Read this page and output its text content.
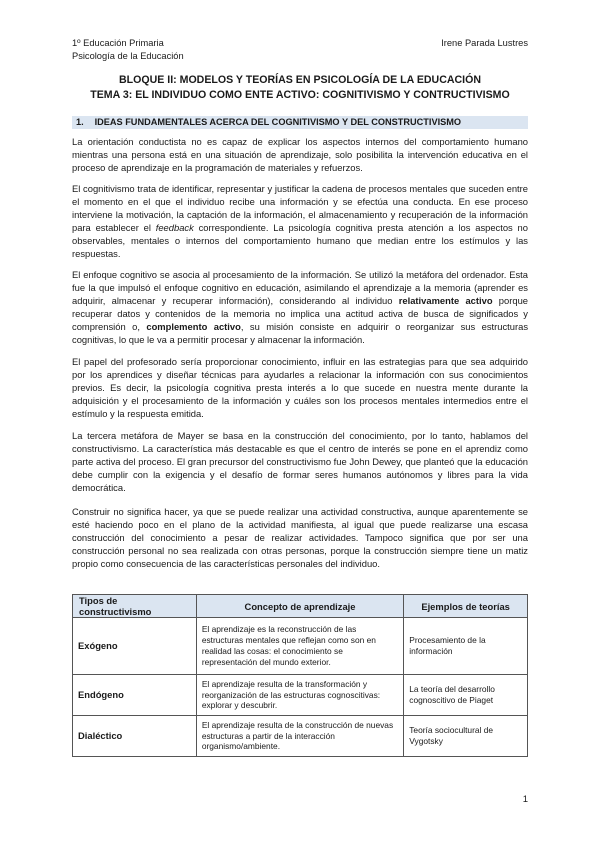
1º Educación Primaria
Psicología de la Educación
Irene Parada Lustres
BLOQUE II: MODELOS Y TEORÍAS EN PSICOLOGÍA DE LA EDUCACIÓN
TEMA 3: EL INDIVIDUO COMO ENTE ACTIVO: COGNITIVISMO Y CONTRUCTIVISMO
1. IDEAS FUNDAMENTALES ACERCA DEL COGNITIVISMO Y DEL CONSTRUCTIVISMO

La orientación conductista no es capaz de explicar los aspectos internos del comportamiento humano mientras una persona está en una situación de aprendizaje, solo posibilita la intervención educativa en el proceso de aprendizaje en la programación de materiales y refuerzos.

El cognitivismo trata de identificar, representar y justificar la cadena de procesos mentales que suceden entre el momento en el que el individuo recibe una información y se efectúa una conducta. En ese proceso interviene la motivación, la captación de la información, el almacenamiento y recuperación de la información para establecer el feedback correspondiente. La psicología cognitiva presta atención a los aspectos no observables, mentales o internos del comportamiento humano que median entre los estímulos y las respuestas.

El enfoque cognitivo se asocia al procesamiento de la información. Se utilizó la metáfora del ordenador. Esta fue la que impulsó el enfoque cognitivo en educación, asimilando el aprendizaje a la memoria (aprender es adquirir, almacenar y recuperar información), considerando al individuo relativamente activo porque recuperar datos y contenidos de la memoria no implica una actitud activa de busca de significados y comprensión o, complemento activo, su misión consiste en adquirir o reorganizar sus estructuras cognitivas, lo que le va a permitir procesar y almacenar la información.

El papel del profesorado sería proporcionar conocimiento, influir en las estrategias para que sea adquirido por los aprendices y diseñar técnicas para ayudarles a relacionar la información con sus conocimientos previos. Es decir, la psicología cognitiva presta interés a lo que sucede en nuestra mente durante la adquisición y el procesamiento de la información y cuáles son los procesos mentales intermedios entre el estímulo y la respuesta emitida.

La tercera metáfora de Mayer se basa en la construcción del conocimiento, por lo tanto, hablamos del constructivismo. La característica más destacable es que el centro de interés se pone en el aprendiz como parte activa del proceso. El gran precursor del constructivismo fue John Dewey, que planteó que la educación debe cumplir con la exigencia y el desafío de formar seres humanos autónomos y libres para la vida democrática.

Construir no significa hacer, ya que se puede realizar una actividad constructiva, aunque aparentemente se esté haciendo poco en el plano de la actividad manifiesta, al igual que puede realizarse una escasa construcción del conocimiento a pesar de realizar actividades. Tampoco significa que por ser una construcción personal no sea realizada con otras personas, porque la construcción siempre tiene un matiz propio como consecuencia de las características personales del individuo.

Tipos de constructivismo	Concepto de aprendizaje	Ejemplos de teorías
Exógeno	El aprendizaje es la reconstrucción de las estructuras mentales que reflejan como son en realidad las cosas: el conocimiento se representación del mundo exterior.	Procesamiento de la información
Endógeno	El aprendizaje resulta de la transformación y reorganización de las estructuras cognoscitivas: explorar y descubrir.	La teoría del desarrollo cognoscitivo de Piaget
Dialéctico	El aprendizaje resulta de la construcción de nuevas estructuras a partir de la interacción organismo/ambiente.	Teoría sociocultural de Vygotsky
1
